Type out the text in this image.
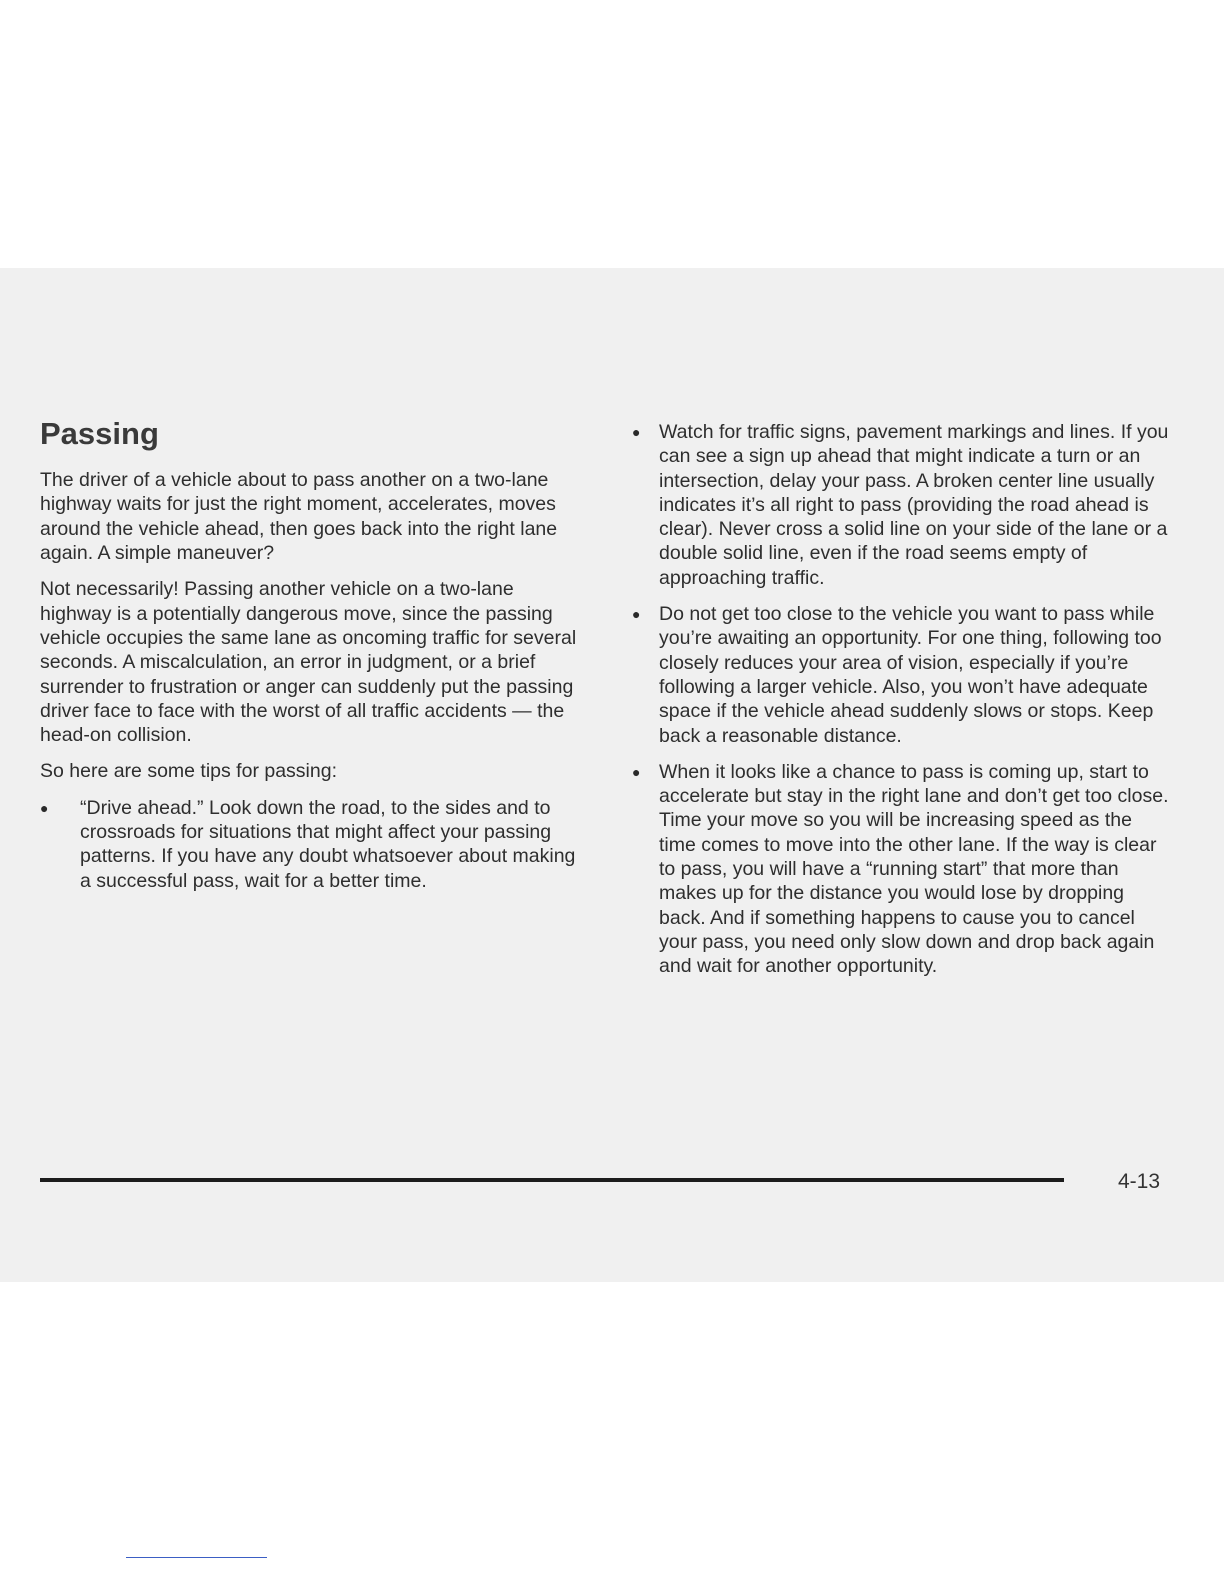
Passing

The driver of a vehicle about to pass another on a two-lane highway waits for just the right moment, accelerates, moves around the vehicle ahead, then goes back into the right lane again. A simple maneuver?

Not necessarily! Passing another vehicle on a two-lane highway is a potentially dangerous move, since the passing vehicle occupies the same lane as oncoming traffic for several seconds. A miscalculation, an error in judgment, or a brief surrender to frustration or anger can suddenly put the passing driver face to face with the worst of all traffic accidents — the head-on collision.

So here are some tips for passing:

● “Drive ahead.” Look down the road, to the sides and to crossroads for situations that might affect your passing patterns. If you have any doubt whatsoever about making a successful pass, wait for a better time.
● Watch for traffic signs, pavement markings and lines. If you can see a sign up ahead that might indicate a turn or an intersection, delay your pass. A broken center line usually indicates it’s all right to pass (providing the road ahead is clear). Never cross a solid line on your side of the lane or a double solid line, even if the road seems empty of approaching traffic.
● Do not get too close to the vehicle you want to pass while you’re awaiting an opportunity. For one thing, following too closely reduces your area of vision, especially if you’re following a larger vehicle. Also, you won’t have adequate space if the vehicle ahead suddenly slows or stops. Keep back a reasonable distance.
● When it looks like a chance to pass is coming up, start to accelerate but stay in the right lane and don’t get too close. Time your move so you will be increasing speed as the time comes to move into the other lane. If the way is clear to pass, you will have a “running start” that more than makes up for the distance you would lose by dropping back. And if something happens to cause you to cancel your pass, you need only slow down and drop back again and wait for another opportunity.
4-13
